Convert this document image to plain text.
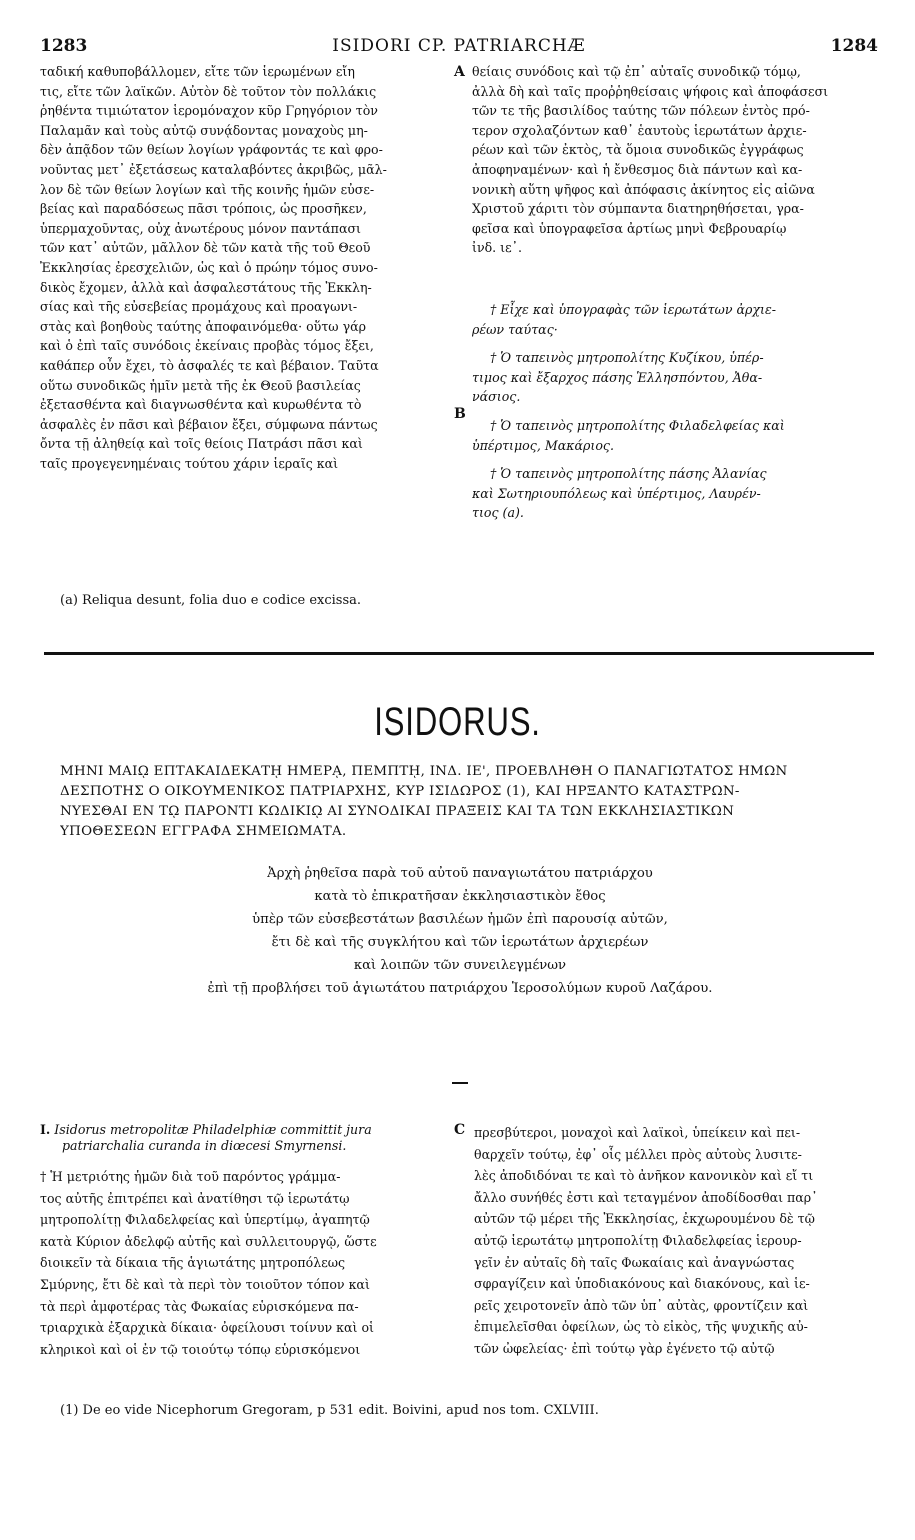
1283	ISIDORI CP. PATRIARCHÆ	1284
ταδική καθυποβάλλομεν, εἴτε τῶν ἱερωμένων εἴη
τις, εἴτε τῶν λαϊκῶν. Αὐτὸν δὲ τοῦτον τὸν πολλάκις
ῥηθέντα τιμιώτατον ἱερομόναχον κῦρ Γρηγόριον τὸν
Παλαμᾶν καὶ τοὺς αὐτῷ συνᾴδοντας μοναχοὺς μη-
δὲν ἀπᾷδον τῶν θείων λογίων γράφοντάς τε καὶ φρο-
νοῦντας μετ᾽ ἐξετάσεως καταλαβόντες ἀκριβῶς, μᾶλ-
λον δὲ τῶν θείων λογίων καὶ τῆς κοινῆς ἡμῶν εὐσε-
βείας καὶ παραδόσεως πᾶσι τρόποις, ὡς προσῆκεν,
ὑπερμαχοῦντας, οὐχ ἀνωτέρους μόνον παντάπασι
τῶν κατ᾽ αὐτῶν, μᾶλλον δὲ τῶν κατὰ τῆς τοῦ Θεοῦ
Ἐκκλησίας ἐρεσχελιῶν, ὡς καὶ ὁ πρώην τόμος συνο-
δικὸς ἔχομεν, ἀλλὰ καὶ ἀσφαλεστάτους τῆς Ἐκκλη-
σίας καὶ τῆς εὐσεβείας προμάχους καὶ προαγωνι-
στὰς καὶ βοηθοὺς ταύτης ἀποφαινόμεθα· οὕτω γάρ
καὶ ὁ ἐπὶ ταῖς συνόδοις ἐκείναις προβὰς τόμος ἔξει,
καθάπερ οὖν ἔχει, τὸ ἀσφαλές τε καὶ βέβαιον. Ταῦτα
οὕτω συνοδικῶς ἡμῖν μετὰ τῆς ἐκ Θεοῦ βασιλείας
ἐξετασθέντα καὶ διαγνωσθέντα καὶ κυρωθέντα τὸ
ἀσφαλὲς ἐν πᾶσι καὶ βέβαιον ἔξει, σύμφωνα πάντως
ὄντα τῇ ἀληθείᾳ καὶ τοῖς θείοις Πατράσι πᾶσι καὶ
ταῖς προγεγενημέναις τούτου χάριν ἱεραῖς καὶ
θείαις συνόδοις καὶ τῷ ἐπ᾽ αὐταῖς συνοδικῷ τόμῳ,
ἀλλὰ δὴ καὶ ταῖς προῤῥηθείσαις ψήφοις καὶ ἀποφάσεσι
τῶν τε τῆς βασιλίδος ταύτης τῶν πόλεων ἐντὸς πρό-
τερον σχολαζόντων καθ᾽ ἑαυτοὺς ἱερωτάτων ἀρχιε-
ρέων καὶ τῶν ἐκτὸς, τὰ ὅμοια συνοδικῶς ἐγγράφως
ἀποφηναμένων· καὶ ἡ ἔνθεσμος διὰ πάντων καὶ κα-
νονικὴ αὕτη ψῆφος καὶ ἀπόφασις ἀκίνητος εἰς αἰῶνα
Χριστοῦ χάριτι τὸν σύμπαντα διατηρηθήσεται, γρα-
φεῖσα καὶ ὑπογραφεῖσα ἀρτίως μηνὶ Φεβρουαρίῳ
ἰνδ. ιε᾽.
† Εἶχε καὶ ὑπογραφὰς τῶν ἱερωτάτων ἀρχιε-
ρέων ταύτας·
† Ὁ ταπεινὸς μητροπολίτης Κυζίκου, ὑπέρ-
τιμος καὶ ἔξαρχος πάσης Ἑλλησπόντου, Ἀθα-
νάσιος.
† Ὁ ταπεινὸς μητροπολίτης Φιλαδελφείας καὶ
ὑπέρτιμος, Μακάριος.
† Ὁ ταπεινὸς μητροπολίτης πάσης Ἀλανίας
καὶ Σωτηριουπόλεως καὶ ὑπέρτιμος, Λαυρέν-
τιος (a).
A
B
C
(a) Reliqua desunt, folia duo e codice excissa.
ISIDORUS.
ΜΗΝΙ ΜΑΙῼ ΕΠΤΑΚΑΙΔΕΚΑΤῌ ΗΜΕΡᾼ, ΠΕΜΠΤῌ, ΙΝΔ. ΙΕ', ΠΡΟΕΒΛΗΘΗ Ο ΠΑΝΑΓΙΩΤΑΤΟΣ ΗΜΩΝ
ΔΕΣΠΟΤΗΣ Ο ΟΙΚΟΥΜΕΝΙΚΟΣ ΠΑΤΡΙΑΡΧΗΣ, ΚΥΡ ΙΣΙΔΩΡΟΣ (1), ΚΑΙ ΗΡΞΑΝΤΟ ΚΑΤΑΣΤΡΩΝ-
ΝΥΕΣΘΑΙ ΕΝ Τῼ ΠΑΡΟΝΤΙ ΚΩΔΙΚΙῼ ΑΙ ΣΥΝΟΔΙΚΑΙ ΠΡΑΞΕΙΣ ΚΑΙ ΤΑ ΤΩΝ ΕΚΚΛΗΣΙΑΣΤΙΚΩΝ
ΥΠΟΘΕΣΕΩΝ ΕΓΓΡΑΦΑ ΣΗΜΕΙΩΜΑΤΑ.
Ἀρχὴ ῥηθεῖσα παρὰ τοῦ αὐτοῦ παναγιωτάτου πατριάρχου
κατὰ τὸ ἐπικρατῆσαν ἐκκλησιαστικὸν ἔθος
ὑπὲρ τῶν εὐσεβεστάτων βασιλέων ἡμῶν ἐπὶ παρουσίᾳ αὐτῶν,
ἔτι δὲ καὶ τῆς συγκλήτου καὶ τῶν ἱερωτάτων ἀρχιερέων
καὶ λοιπῶν τῶν συνειλεγμένων
ἐπὶ τῇ προβλήσει τοῦ ἁγιωτάτου πατριάρχου Ἱεροσολύμων κυροῦ Λαζάρου.
I. Isidorus metropolitæ Philadelphiæ committit jura
patriarchalia curanda in diœcesi Smyrnensi.
† Ἡ μετριότης ἡμῶν διὰ τοῦ παρόντος γράμμα-
τος αὐτῆς ἐπιτρέπει καὶ ἀνατίθησι τῷ ἱερωτάτῳ
μητροπολίτῃ Φιλαδελφείας καὶ ὑπερτίμῳ, ἀγαπητῷ
κατὰ Κύριον ἀδελφῷ αὐτῆς καὶ συλλειτουργῷ, ὥστε
διοικεῖν τὰ δίκαια τῆς ἁγιωτάτης μητροπόλεως
Σμύρνης, ἔτι δὲ καὶ τὰ περὶ τὸν τοιοῦτον τόπον καὶ
τὰ περὶ ἀμφοτέρας τὰς Φωκαίας εὑρισκόμενα πα-
τριαρχικὰ ἐξαρχικὰ δίκαια· ὀφείλουσι τοίνυν καὶ οἱ
κληρικοὶ καὶ οἱ ἐν τῷ τοιούτῳ τόπῳ εὑρισκόμενοι
πρεσβύτεροι, μοναχοὶ καὶ λαϊκοὶ, ὑπείκειν καὶ πει-
θαρχεῖν τούτῳ, ἐφ᾽ οἷς μέλλει πρὸς αὐτοὺς λυσιτε-
λὲς ἀποδιδόναι τε καὶ τὸ ἀνῆκον κανονικὸν καὶ εἴ τι
ἄλλο συνήθές ἐστι καὶ τεταγμένον ἀποδίδοσθαι παρ᾽
αὐτῶν τῷ μέρει τῆς Ἐκκλησίας, ἐκχωρουμένου δὲ τῷ
αὐτῷ ἱερωτάτῳ μητροπολίτῃ Φιλαδελφείας ἱερουρ-
γεῖν ἐν αὐταῖς δὴ ταῖς Φωκαίαις καὶ ἀναγνώστας
σφραγίζειν καὶ ὑποδιακόνους καὶ διακόνους, καὶ ἱε-
ρεῖς χειροτονεῖν ἀπὸ τῶν ὑπ᾽ αὐτὰς, φροντίζειν καὶ
ἐπιμελεῖσθαι ὀφείλων, ὡς τὸ εἰκὸς, τῆς ψυχικῆς αὐ-
τῶν ὠφελείας· ἐπὶ τούτῳ γὰρ ἐγένετο τῷ αὐτῷ
(1) De eo vide Nicephorum Gregoram, p 531 edit. Boivini, apud nos tom. CXLVIII.
